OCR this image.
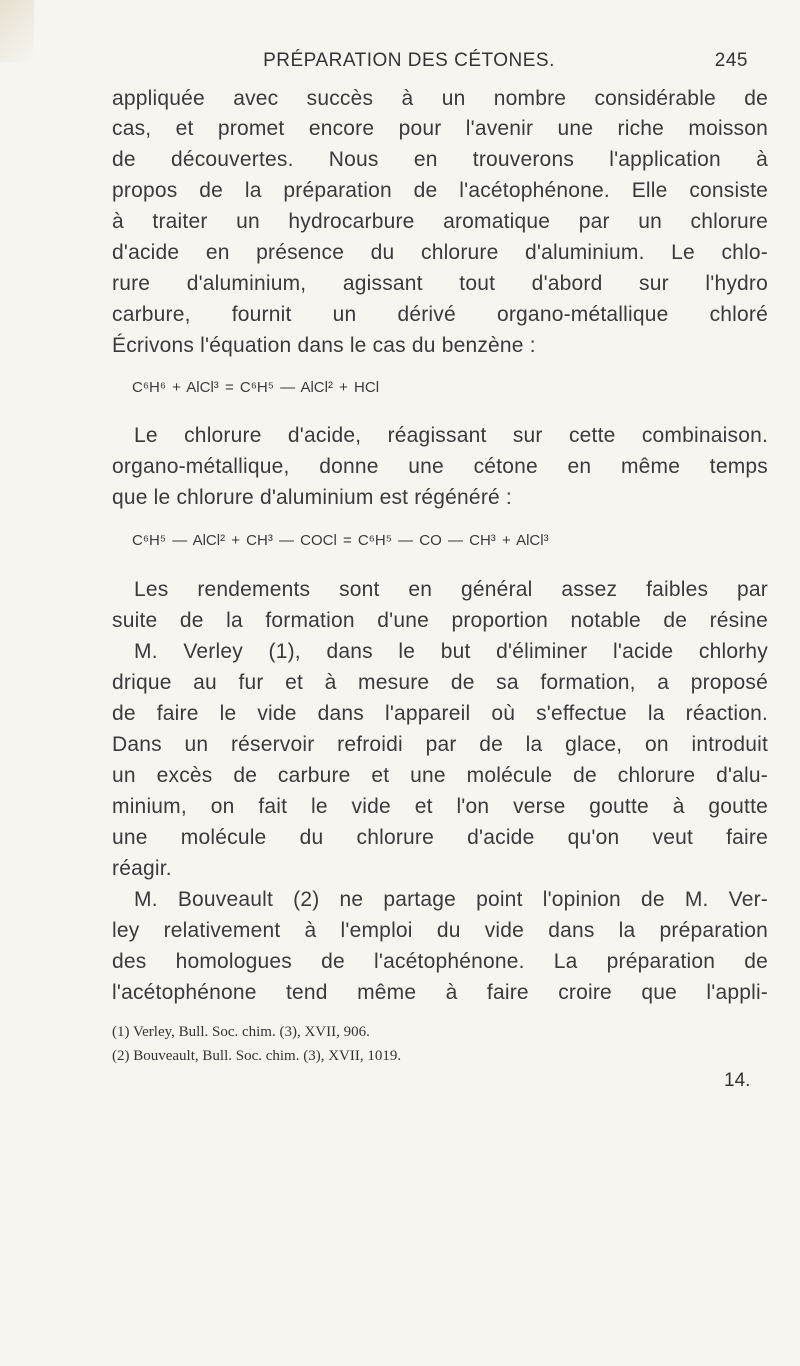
PRÉPARATION DES CÉTONES.	245
appliquée avec succès à un nombre considérable de
cas, et promet encore pour l'avenir une riche moisson
de découvertes. Nous en trouverons l'application à
propos de la préparation de l'acétophénone. Elle consiste
à traiter un hydrocarbure aromatique par un chlorure
d'acide en présence du chlorure d'aluminium. Le chlo-
rure d'aluminium, agissant tout d'abord sur l'hydro
carbure, fournit un dérivé organo-métallique chloré
Écrivons l'équation dans le cas du benzène :
C⁶H⁶ + AlCl³ = C⁶H⁵ — AlCl² + HCl
Le chlorure d'acide, réagissant sur cette combinaison.
organo-métallique, donne une cétone en même temps
que le chlorure d'aluminium est régénéré :
C⁶H⁵ — AlCl² + CH³ — COCl = C⁶H⁵ — CO — CH³ + AlCl³
Les rendements sont en général assez faibles par
suite de la formation d'une proportion notable de résine
M. Verley (1), dans le but d'éliminer l'acide chlorhy
drique au fur et à mesure de sa formation, a proposé
de faire le vide dans l'appareil où s'effectue la réaction.
Dans un réservoir refroidi par de la glace, on introduit
un excès de carbure et une molécule de chlorure d'alu-
minium, on fait le vide et l'on verse goutte à goutte
une molécule du chlorure d'acide qu'on veut faire
réagir.
M. Bouveault (2) ne partage point l'opinion de M. Ver-
ley relativement à l'emploi du vide dans la préparation
des homologues de l'acétophénone. La préparation de
l'acétophénone tend même à faire croire que l'appli-
(1) Verley, Bull. Soc. chim. (3), XVII, 906.
(2) Bouveault, Bull. Soc. chim. (3), XVII, 1019.
14.
